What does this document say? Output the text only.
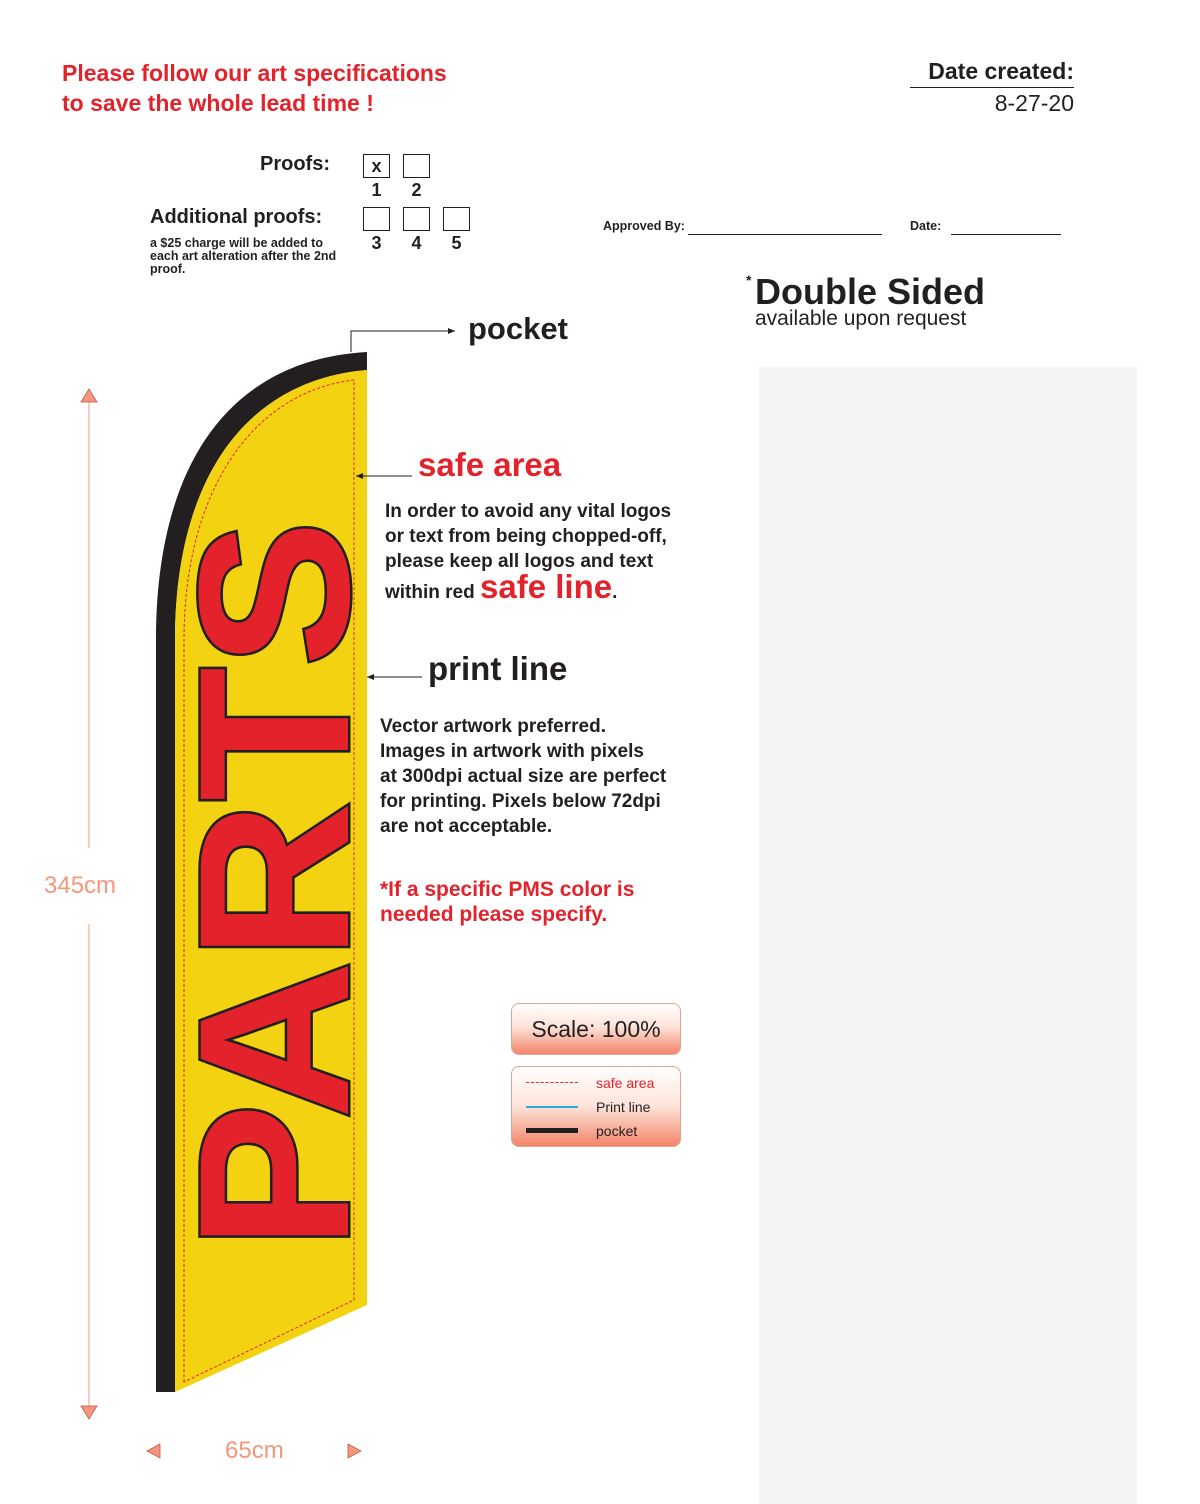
Please follow our art specifications
to save the whole lead time !
Date created:
8-27-20
Proofs:	x
1	2
Additional proofs:
a $25 charge will be added to each art alteration after the 2nd proof.
3	4	5
Approved By:	Date:
* Double Sided
available upon request
PARTS
345cm
65cm
pocket
safe area
In order to avoid any vital logos
or text from being chopped-off,
please keep all logos and text
within red safe line.
print line
Vector artwork preferred.
Images in artwork with pixels
at 300dpi actual size are perfect
for printing. Pixels below 72dpi
are not acceptable.
*If a specific PMS color is
needed please specify.
Scale: 100%
safe area
Print line
pocket
